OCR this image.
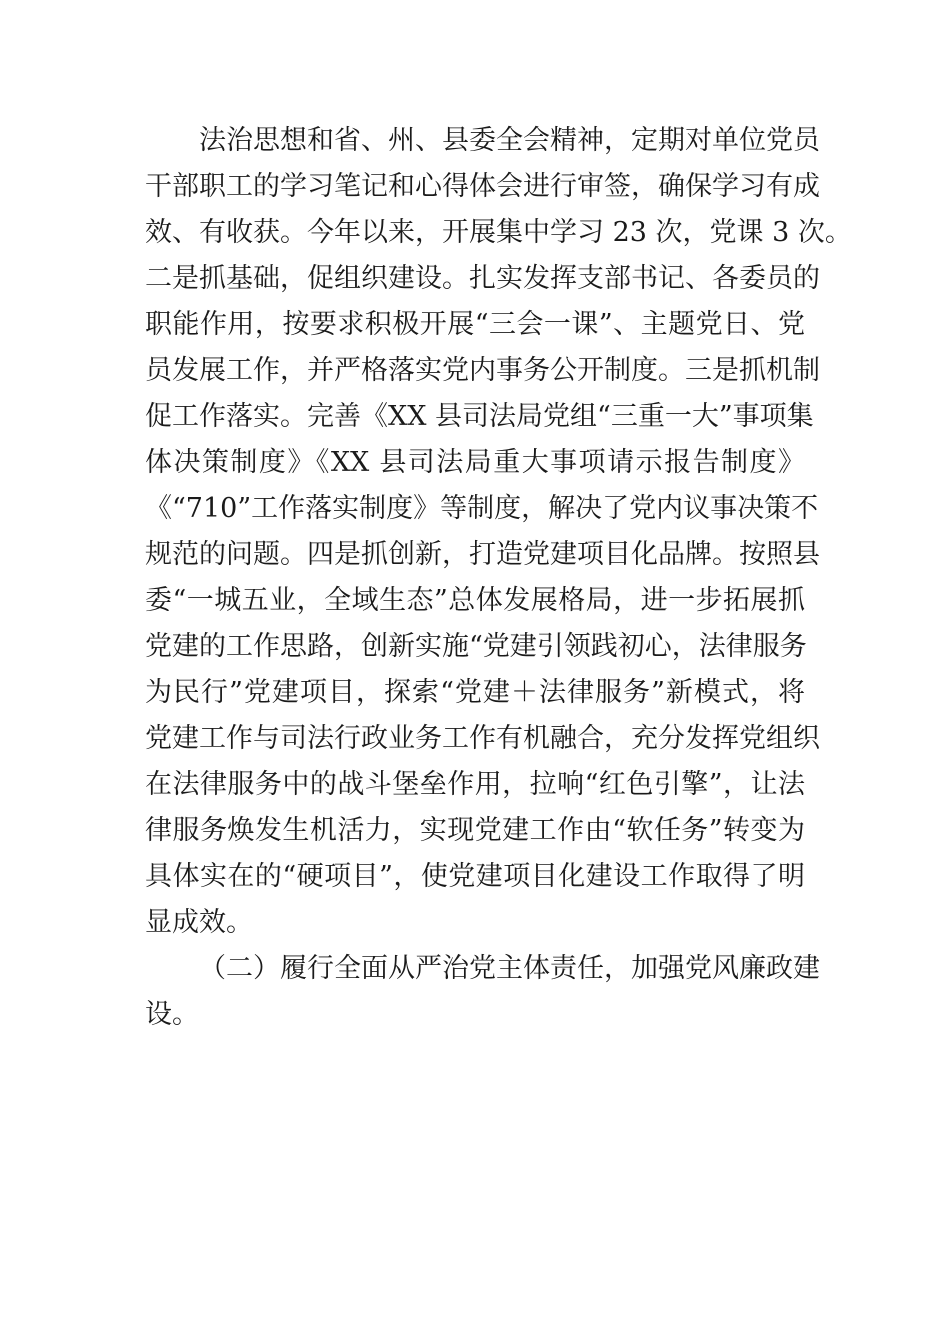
法治思想和省、州、县委全会精神，定期对单位党员
干部职工的学习笔记和心得体会进行审签，确保学习有成
效、有收获。今年以来，开展集中学习 23 次，党课 3 次。
二是抓基础，促组织建设。扎实发挥支部书记、各委员的
职能作用，按要求积极开展“三会一课”、主题党日、党
员发展工作，并严格落实党内事务公开制度。三是抓机制
促工作落实。完善《XX 县司法局党组“三重一大”事项集
体决策制度》《XX 县司法局重大事项请示报告制度》
《“710”工作落实制度》等制度，解决了党内议事决策不
规范的问题。四是抓创新，打造党建项目化品牌。按照县
委“一城五业，全域生态”总体发展格局，进一步拓展抓
党建的工作思路，创新实施“党建引领践初心，法律服务
为民行”党建项目，探索“党建＋法律服务”新模式，将
党建工作与司法行政业务工作有机融合，充分发挥党组织
在法律服务中的战斗堡垒作用，拉响“红色引擎”，让法
律服务焕发生机活力，实现党建工作由“软任务”转变为
具体实在的“硬项目”，使党建项目化建设工作取得了明
显成效。
（二）履行全面从严治党主体责任，加强党风廉政建
设。
